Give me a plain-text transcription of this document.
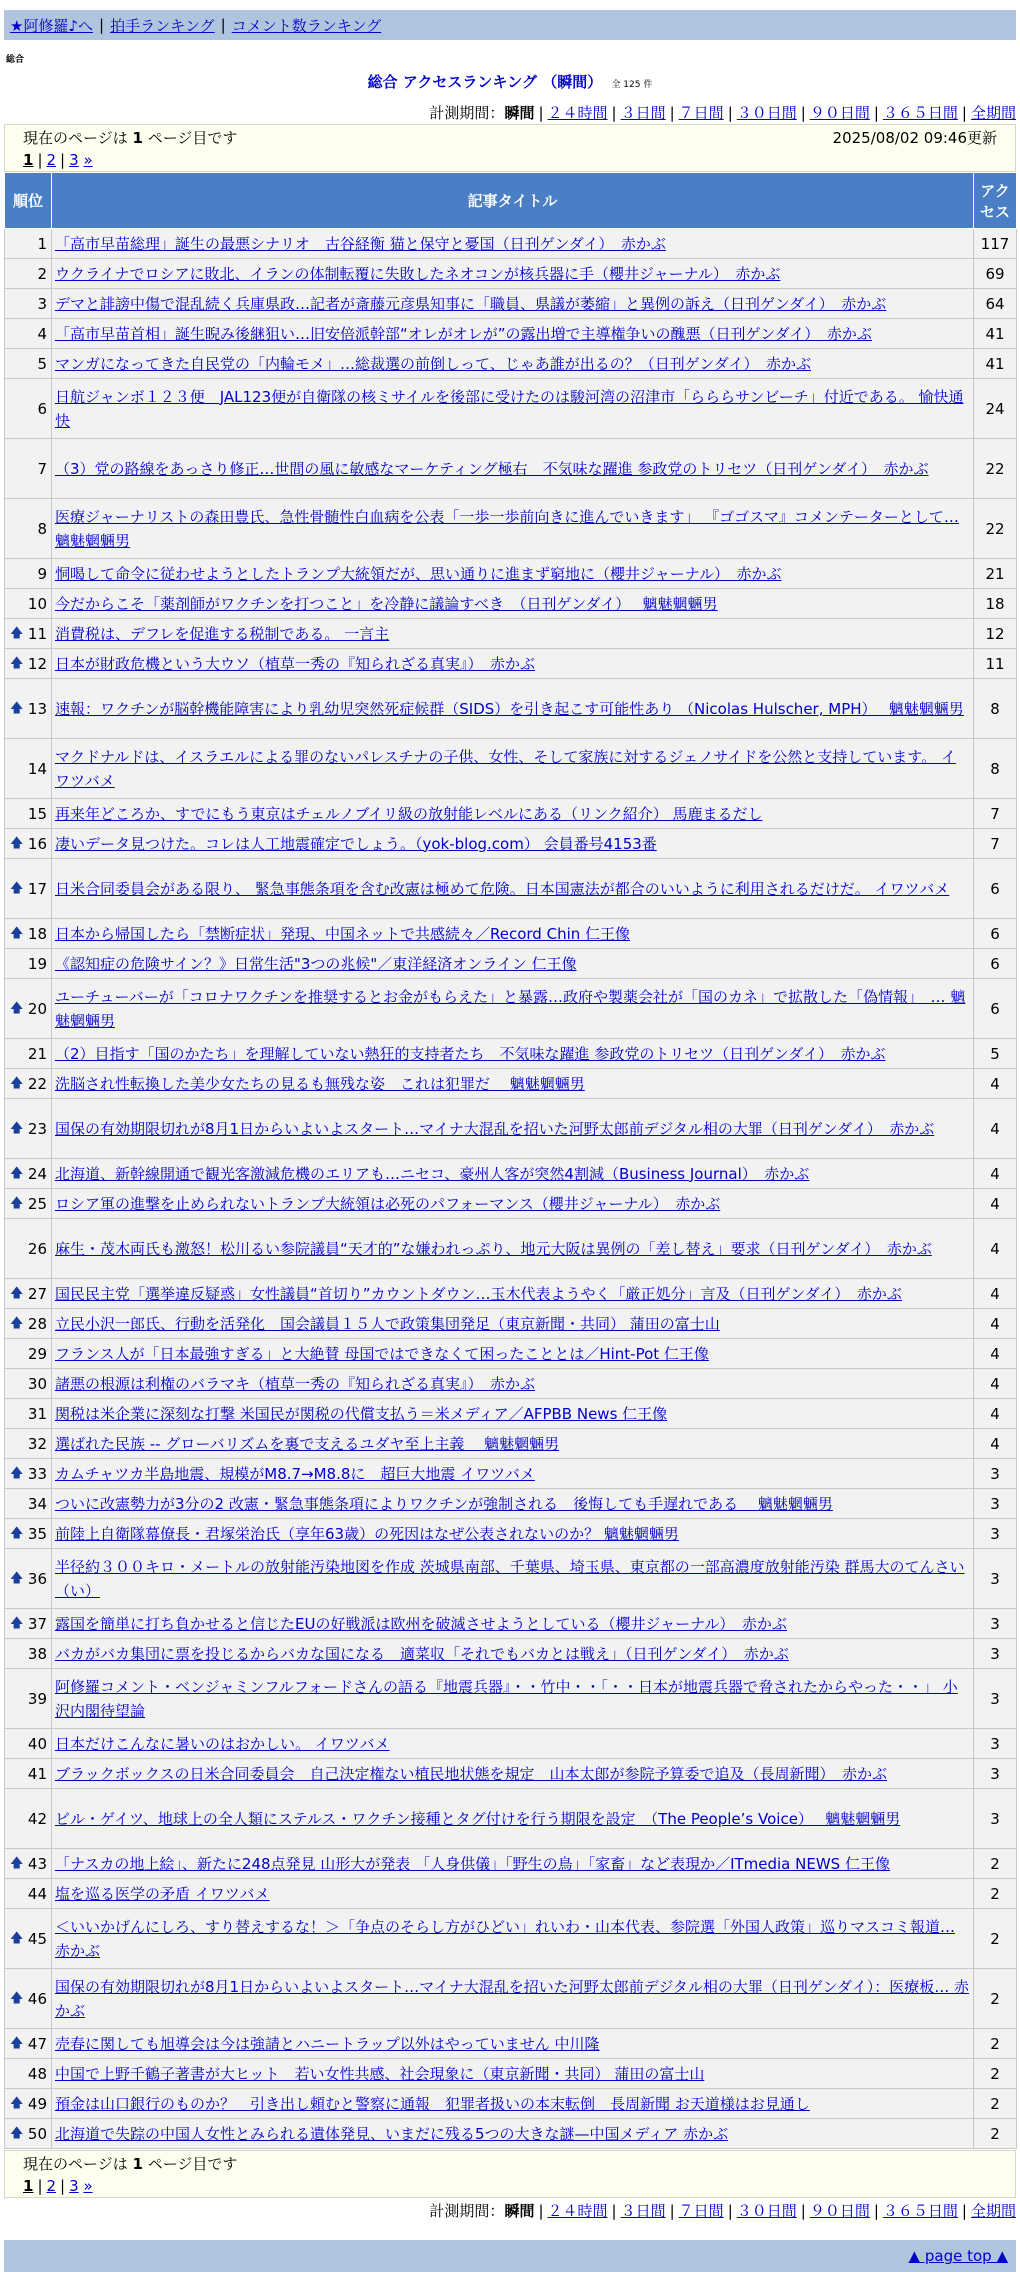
★阿修羅♪へ | 拍手ランキング | コメント数ランキング
総合
総合 アクセスランキング （瞬間） 全 125 件
計測期間：瞬間 | ２４時間 | ３日間 | ７日間 | ３０日間 | ９０日間 | ３６５日間 | 全期間
現在のページは 1 ページ目です	2025/08/02 09:46更新
1 | 2 | 3 »
順位	記事タイトル	アクセス
1	「高市早苗総理」誕生の最悪シナリオ　古谷経衡 猫と保守と憂国（日刊ゲンダイ）　赤かぶ	117
2	ウクライナでロシアに敗北、イランの体制転覆に失敗したネオコンが核兵器に手（櫻井ジャーナル）　赤かぶ	69
3	デマと誹謗中傷で混乱続く兵庫県政…記者が斎藤元彦県知事に「職員、県議が萎縮」と異例の訴え（日刊ゲンダイ）　赤かぶ	64
4	「高市早苗首相」誕生睨み後継狙い…旧安倍派幹部“オレがオレが”の露出増で主導権争いの醜悪（日刊ゲンダイ）　赤かぶ	41
5	マンガになってきた自民党の「内輪モメ」…総裁選の前倒しって、じゃあ誰が出るの？（日刊ゲンダイ）　赤かぶ	41
6	日航ジャンボ１２３便　JAL123便が自衛隊の核ミサイルを後部に受けたのは駿河湾の沼津市「らららサンビーチ」付近である。 愉快通快	24
7	（3）党の路線をあっさり修正…世間の風に敏感なマーケティング極右　不気味な躍進 参政党のトリセツ（日刊ゲンダイ）　赤かぶ	22
8	医療ジャーナリストの森田豊氏、急性骨髄性白血病を公表「一歩一歩前向きに進んでいきます」 『ゴゴスマ』コメンテーターとして… 魑魅魍魎男	22
9	恫喝して命令に従わせようとしたトランプ大統領だが、思い通りに進まず窮地に（櫻井ジャーナル）　赤かぶ	21
10	今だからこそ「薬剤師がワクチンを打つこと」を冷静に議論すべき　（日刊ゲンダイ）　 魑魅魍魎男	18

🡅 11	消費税は、デフレを促進する税制である。 一言主	12

🡅 12	日本が財政危機という大ウソ（植草一秀の『知られざる真実』）　赤かぶ	11

🡅 13	速報：ワクチンが脳幹機能障害により乳幼児突然死症候群（SIDS）を引き起こす可能性あり （Nicolas Hulscher, MPH）　 魑魅魍魎男	8
14	マクドナルドは、イスラエルによる罪のないパレスチナの子供、女性、そして家族に対するジェノサイドを公然と支持しています。 イワツバメ	8
15	再来年どころか、すでにもう東京はチェルノブイリ級の放射能レベルにある（リンク紹介） 馬鹿まるだし	7

🡅 16	凄いデータ見つけた。コレは人工地震確定でしょう。（yok-blog.com） 会員番号4153番	7

🡅 17	日米合同委員会がある限り、 緊急事態条項を含む改憲は極めて危険。日本国憲法が都合のいいように利用されるだけだ。 イワツバメ	6

🡅 18	日本から帰国したら「禁断症状」発現、中国ネットで共感続々／Record Chin 仁王像	6
19	《認知症の危険サイン？》日常生活"3つの兆候"／東洋経済オンライン 仁王像	6

🡅 20	ユーチューバーが「コロナワクチンを推奨するとお金がもらえた」と暴露…政府や製薬会社が「国のカネ」で拡散した「偽情報」　… 魑魅魍魎男	6
21	（2）目指す「国のかたち」を理解していない熱狂的支持者たち　不気味な躍進 参政党のトリセツ（日刊ゲンダイ）　赤かぶ	5

🡅 22	洗脳され性転換した美少女たちの見るも無残な姿　これは犯罪だ　 魑魅魍魎男	4

🡅 23	国保の有効期限切れが8月1日からいよいよスタート…マイナ大混乱を招いた河野太郎前デジタル相の大罪（日刊ゲンダイ）　赤かぶ	4

🡅 24	北海道、新幹線開通で観光客激減危機のエリアも…ニセコ、豪州人客が突然4割減（Business Journal）　赤かぶ	4

🡅 25	ロシア軍の進撃を止められないトランプ大統領は必死のパフォーマンス（櫻井ジャーナル）　赤かぶ	4
26	麻生・茂木両氏も激怒！松川るい参院議員“天才的”な嫌われっぷり、地元大阪は異例の「差し替え」要求（日刊ゲンダイ）　赤かぶ	4

🡅 27	国民民主党「選挙違反疑惑」女性議員“首切り”カウントダウン…玉木代表ようやく「厳正処分」言及（日刊ゲンダイ）　赤かぶ	4

🡅 28	立民小沢一郎氏、行動を活発化　国会議員１５人で政策集団発足（東京新聞・共同） 蒲田の富士山	4
29	フランス人が「日本最強すぎる」と大絶賛 母国ではできなくて困ったこととは／Hint-Pot 仁王像	4
30	諸悪の根源は利権のバラマキ（植草一秀の『知られざる真実』）　赤かぶ	4
31	関税は米企業に深刻な打撃 米国民が関税の代償支払う＝米メディア／AFPBB News 仁王像	4
32	選ばれた民族 -- グローバリズムを裏で支えるユダヤ至上主義　 魑魅魍魎男	4

🡅 33	カムチャツカ半島地震、規模がM8.7→M8.8に　超巨大地震 イワツバメ	3
34	ついに改憲勢力が3分の2 改憲・緊急事態条項によりワクチンが強制される　後悔しても手遅れである　 魑魅魍魎男	3

🡅 35	前陸上自衛隊幕僚長・君塚栄治氏（享年63歳）の死因はなぜ公表されないのか？ 魑魅魍魎男	3

🡅 36	半径約３００キロ・メートルの放射能汚染地図を作成 茨城県南部、千葉県、埼玉県、東京都の一部高濃度放射能汚染 群馬大のてんさい（い）	3

🡅 37	露国を簡単に打ち負かせると信じたEUの好戦派は欧州を破滅させようとしている（櫻井ジャーナル）　赤かぶ	3
38	バカがバカ集団に票を投じるからバカな国になる　適菜収「それでもバカとは戦え」（日刊ゲンダイ）　赤かぶ	3
39	阿修羅コメント・ベンジャミンフルフォードさんの語る『地震兵器』・・竹中・・「・・日本が地震兵器で脅されたからやった・・」 小沢内閣待望論	3
40	日本だけこんなに暑いのはおかしい。 イワツバメ	3
41	ブラックボックスの日米合同委員会　自己決定権ない植民地状態を規定　山本太郎が参院予算委で追及（長周新聞）　赤かぶ	3
42	ビル・ゲイツ、地球上の全人類にステルス・ワクチン接種とタグ付けを行う期限を設定　（The People’s Voice）　 魑魅魍魎男	3

🡅 43	「ナスカの地上絵」、新たに248点発見 山形大が発表 「人身供儀」「野生の鳥」「家畜」など表現か／ITmedia NEWS 仁王像	2
44	塩を巡る医学の矛盾 イワツバメ	2

🡅 45	＜いいかげんにしろ、すり替えするな！＞「争点のそらし方がひどい」れいわ・山本代表、参院選「外国人政策」巡りマスコミ報道… 赤かぶ	2

🡅 46	国保の有効期限切れが8月1日からいよいよスタート…マイナ大混乱を招いた河野太郎前デジタル相の大罪（日刊ゲンダイ）：医療板… 赤かぶ	2

🡅 47	売春に関しても旭導会は今は強請とハニートラップ以外はやっていません 中川隆	2
48	中国で上野千鶴子著書が大ヒット　若い女性共感、社会現象に（東京新聞・共同） 蒲田の富士山	2

🡅 49	預金は山口銀行のものか？　引き出し頼むと警察に通報　犯罪者扱いの本末転倒　長周新聞 お天道様はお見通し	2

🡅 50	北海道で失踪の中国人女性とみられる遺体発見、いまだに残る5つの大きな謎—中国メディア 赤かぶ	2
現在のページは 1 ページ目です
1 | 2 | 3 »
計測期間：瞬間 | ２４時間 | ３日間 | ７日間 | ３０日間 | ９０日間 | ３６５日間 | 全期間
▲ page top ▲
